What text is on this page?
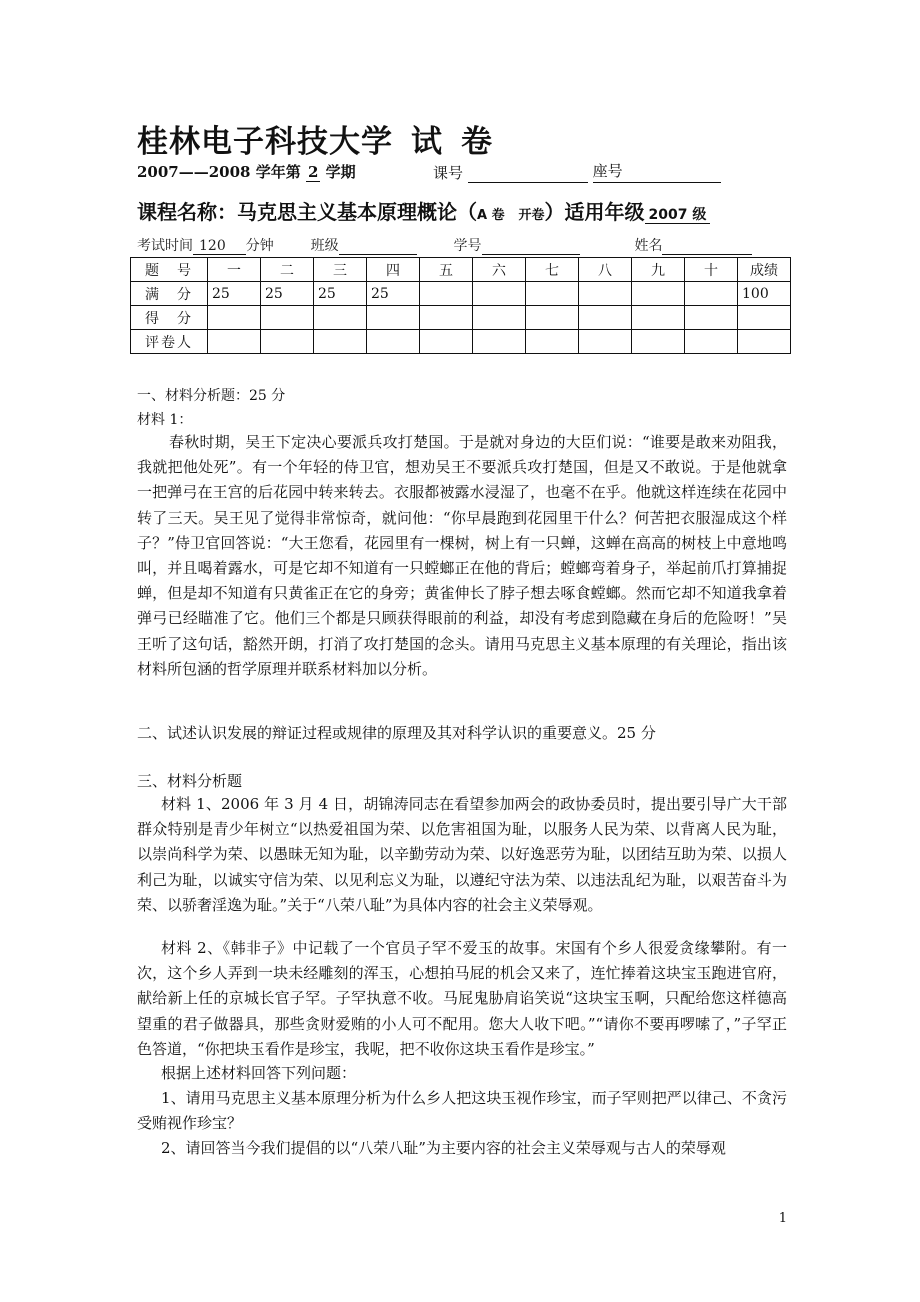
桂林电子科技大学 试 卷
2007——2008 学年第 2 学期	课号	座号
课程名称：马克思主义基本原理概论（A 卷 开卷）适用年级 2007 级
考试时间 120 分钟	班级	学号	姓名
题　号	一	二	三	四	五	六	七	八	九	十	成绩
满　分	25	25	25	25							100
得　分											
评卷人											
一、材料分析题：25 分
材料 1：
春秋时期，吴王下定决心要派兵攻打楚国。于是就对身边的大臣们说：“谁要是敢来劝阻我，我就把他处死”。有一个年轻的侍卫官，想劝吴王不要派兵攻打楚国，但是又不敢说。于是他就拿一把弹弓在王宫的后花园中转来转去。衣服都被露水浸湿了，也毫不在乎。他就这样连续在花园中转了三天。吴王见了觉得非常惊奇，就问他：“你早晨跑到花园里干什么？何苦把衣服湿成这个样子？”侍卫官回答说：“大王您看，花园里有一棵树，树上有一只蝉，这蝉在高高的树枝上中意地鸣叫，并且喝着露水，可是它却不知道有一只螳螂正在他的背后；螳螂弯着身子，举起前爪打算捕捉蝉，但是却不知道有只黄雀正在它的身旁；黄雀伸长了脖子想去啄食螳螂。然而它却不知道我拿着弹弓已经瞄准了它。他们三个都是只顾获得眼前的利益，却没有考虑到隐藏在身后的危险呀！”吴王听了这句话，豁然开朗，打消了攻打楚国的念头。请用马克思主义基本原理的有关理论，指出该材料所包涵的哲学原理并联系材料加以分析。
二、试述认识发展的辩证过程或规律的原理及其对科学认识的重要意义。25 分
三、材料分析题
材料 1、2006 年 3 月 4 日，胡锦涛同志在看望参加两会的政协委员时，提出要引导广大干部群众特别是青少年树立“以热爱祖国为荣、以危害祖国为耻，以服务人民为荣、以背离人民为耻，以崇尚科学为荣、以愚昧无知为耻，以辛勤劳动为荣、以好逸恶劳为耻，以团结互助为荣、以损人利己为耻，以诚实守信为荣、以见利忘义为耻，以遵纪守法为荣、以违法乱纪为耻，以艰苦奋斗为荣、以骄奢淫逸为耻。”关于“八荣八耻”为具体内容的社会主义荣辱观。
材料 2、《韩非子》中记载了一个官员子罕不爱玉的故事。宋国有个乡人很爱贪缘攀附。有一次，这个乡人弄到一块未经雕刻的浑玉，心想拍马屁的机会又来了，连忙捧着这块宝玉跑进官府，献给新上任的京城长官子罕。子罕执意不收。马屁鬼胁肩谄笑说“这块宝玉啊，只配给您这样德高望重的君子做器具，那些贪财爱贿的小人可不配用。您大人收下吧。”“请你不要再啰嗦了，”子罕正色答道，“你把块玉看作是珍宝，我呢，把不收你这块玉看作是珍宝。”
根据上述材料回答下列问题：
1、请用马克思主义基本原理分析为什么乡人把这块玉视作珍宝，而子罕则把严以律己、不贪污受贿视作珍宝？
2、请回答当今我们提倡的以“八荣八耻”为主要内容的社会主义荣辱观与古人的荣辱观
1
